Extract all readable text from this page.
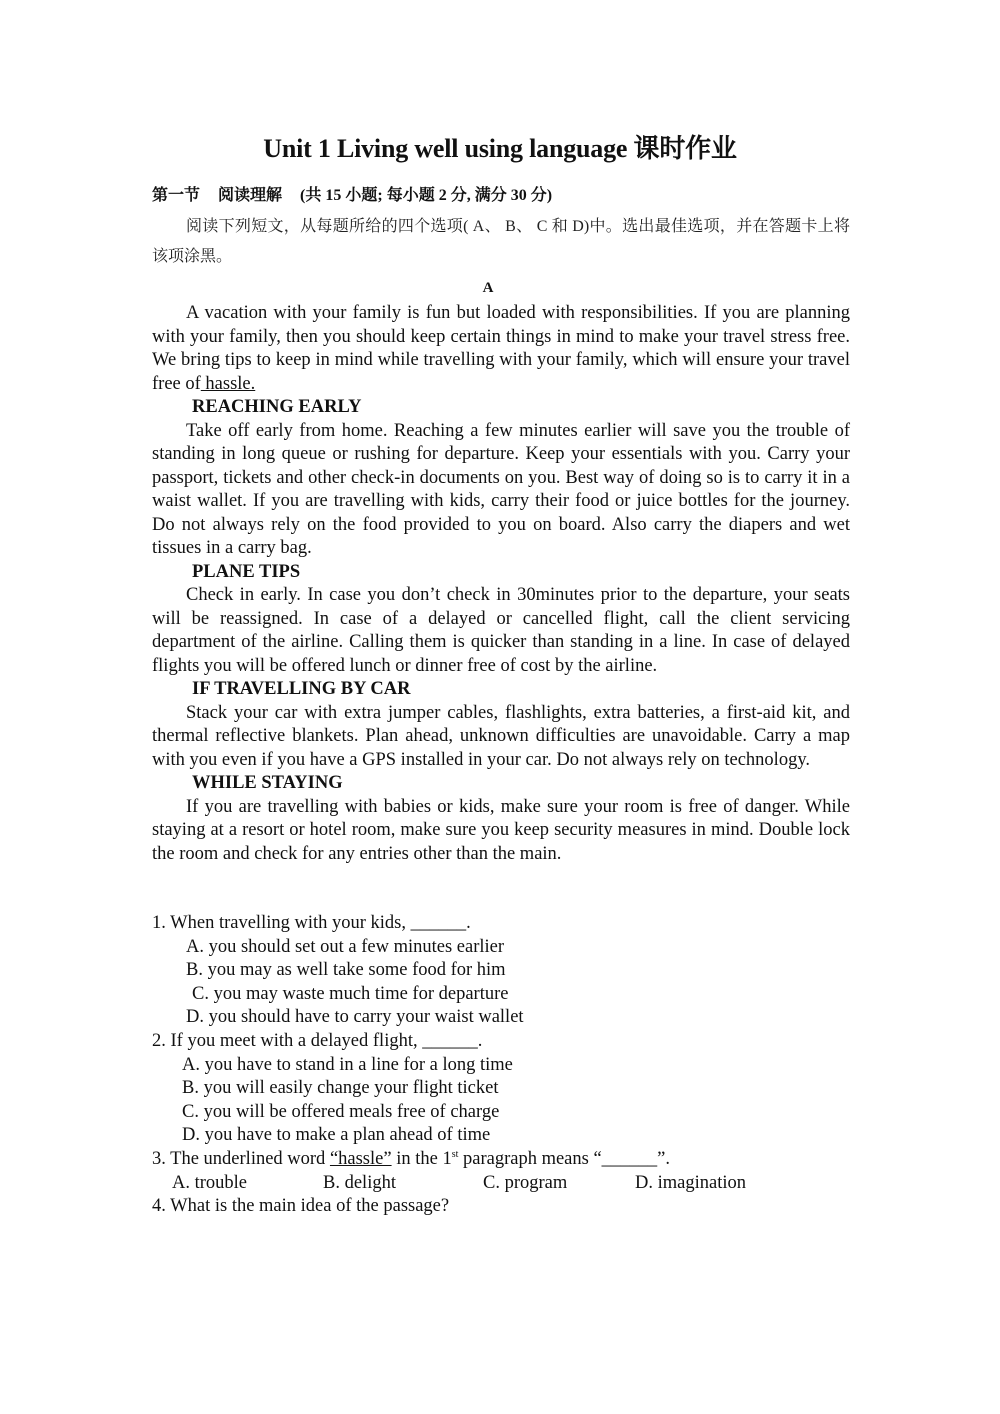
Unit 1 Living well using language 课时作业
第一节 阅读理解 (共 15 小题; 每小题 2 分, 满分 30 分)
阅读下列短文，从每题所给的四个选项( A、 B、 C 和 D)中。选出最佳选项，并在答题卡上将该项涂黑。
A

A vacation with your family is fun but loaded with responsibilities. If you are planning with your family, then you should keep certain things in mind to make your travel stress free. We bring tips to keep in mind while travelling with your family, which will ensure your travel free of hassle.

REACHING EARLY

Take off early from home. Reaching a few minutes earlier will save you the trouble of standing in long queue or rushing for departure. Keep your essentials with you. Carry your passport, tickets and other check-in documents on you. Best way of doing so is to carry it in a waist wallet. If you are travelling with kids, carry their food or juice bottles for the journey. Do not always rely on the food provided to you on board. Also carry the diapers and wet tissues in a carry bag.

PLANE TIPS

Check in early. In case you don’t check in 30minutes prior to the departure, your seats will be reassigned. In case of a delayed or cancelled flight, call the client servicing department of the airline. Calling them is quicker than standing in a line. In case of delayed flights you will be offered lunch or dinner free of cost by the airline.

IF TRAVELLING BY CAR

Stack your car with extra jumper cables, flashlights, extra batteries, a first-aid kit, and thermal reflective blankets. Plan ahead, unknown difficulties are unavoidable. Carry a map with you even if you have a GPS installed in your car. Do not always rely on technology.

WHILE STAYING

If you are travelling with babies or kids, make sure your room is free of danger. While staying at a resort or hotel room, make sure you keep security measures in mind. Double lock the room and check for any entries other than the main.

1. When travelling with your kids, ______.

A. you should set out a few minutes earlier

B. you may as well take some food for him

C. you may waste much time for departure

D. you should have to carry your waist wallet

2. If you meet with a delayed flight, ______.

A. you have to stand in a line for a long time

B. you will easily change your flight ticket

C. you will be offered meals free of charge

D. you have to make a plan ahead of time

3. The underlined word “hassle” in the 1st paragraph means “______”.

A. trouble	B. delight	C. program	D. imagination

4. What is the main idea of the passage?
